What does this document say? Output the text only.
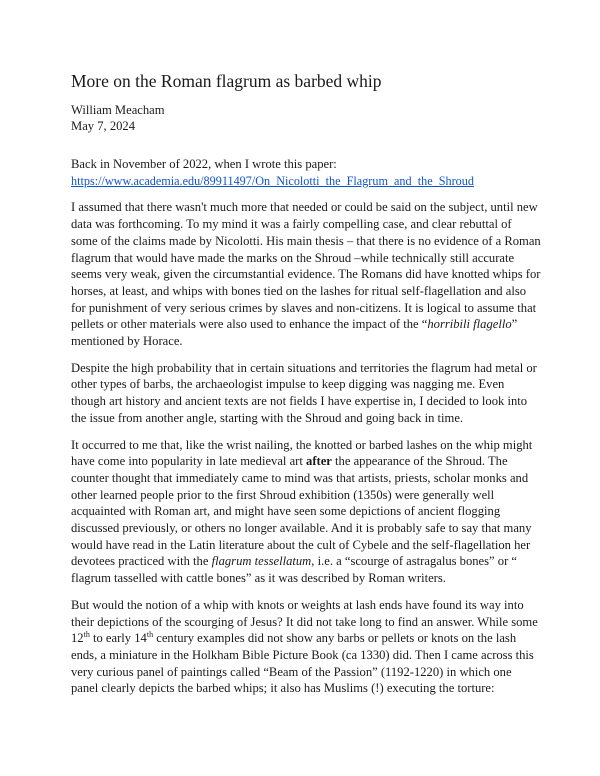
More on the Roman flagrum as barbed whip
William Meacham
May 7, 2024
Back in November of 2022, when I wrote this paper:
https://www.academia.edu/89911497/On_Nicolotti_the_Flagrum_and_the_Shroud

I assumed that there wasn't much more that needed or could be said on the subject, until new data was forthcoming. To my mind it was a fairly compelling case, and clear rebuttal of some of the claims made by Nicolotti. His main thesis – that there is no evidence of a Roman flagrum that would have made the marks on the Shroud –while technically still accurate seems very weak, given the circumstantial evidence. The Romans did have knotted whips for horses, at least, and whips with bones tied on the lashes for ritual self-flagellation and also for punishment of very serious crimes by slaves and non-citizens. It is logical to assume that pellets or other materials were also used to enhance the impact of the “horribili flagello” mentioned by Horace.

Despite the high probability that in certain situations and territories the flagrum had metal or other types of barbs, the archaeologist impulse to keep digging was nagging me. Even though art history and ancient texts are not fields I have expertise in, I decided to look into the issue from another angle, starting with the Shroud and going back in time.

It occurred to me that, like the wrist nailing, the knotted or barbed lashes on the whip might have come into popularity in late medieval art after the appearance of the Shroud. The counter thought that immediately came to mind was that artists, priests, scholar monks and other learned people prior to the first Shroud exhibition (1350s) were generally well acquainted with Roman art, and might have seen some depictions of ancient flogging discussed previously, or others no longer available. And it is probably safe to say that many would have read in the Latin literature about the cult of Cybele and the self-flagellation her devotees practiced with the flagrum tessellatum, i.e. a “scourge of astragalus bones” or “ flagrum tasselled with cattle bones” as it was described by Roman writers.

But would the notion of a whip with knots or weights at lash ends have found its way into their depictions of the scourging of Jesus? It did not take long to find an answer. While some 12th to early 14th century examples did not show any barbs or pellets or knots on the lash ends, a miniature in the Holkham Bible Picture Book (ca 1330) did. Then I came across this very curious panel of paintings called “Beam of the Passion” (1192-1220) in which one panel clearly depicts the barbed whips; it also has Muslims (!) executing the torture:
